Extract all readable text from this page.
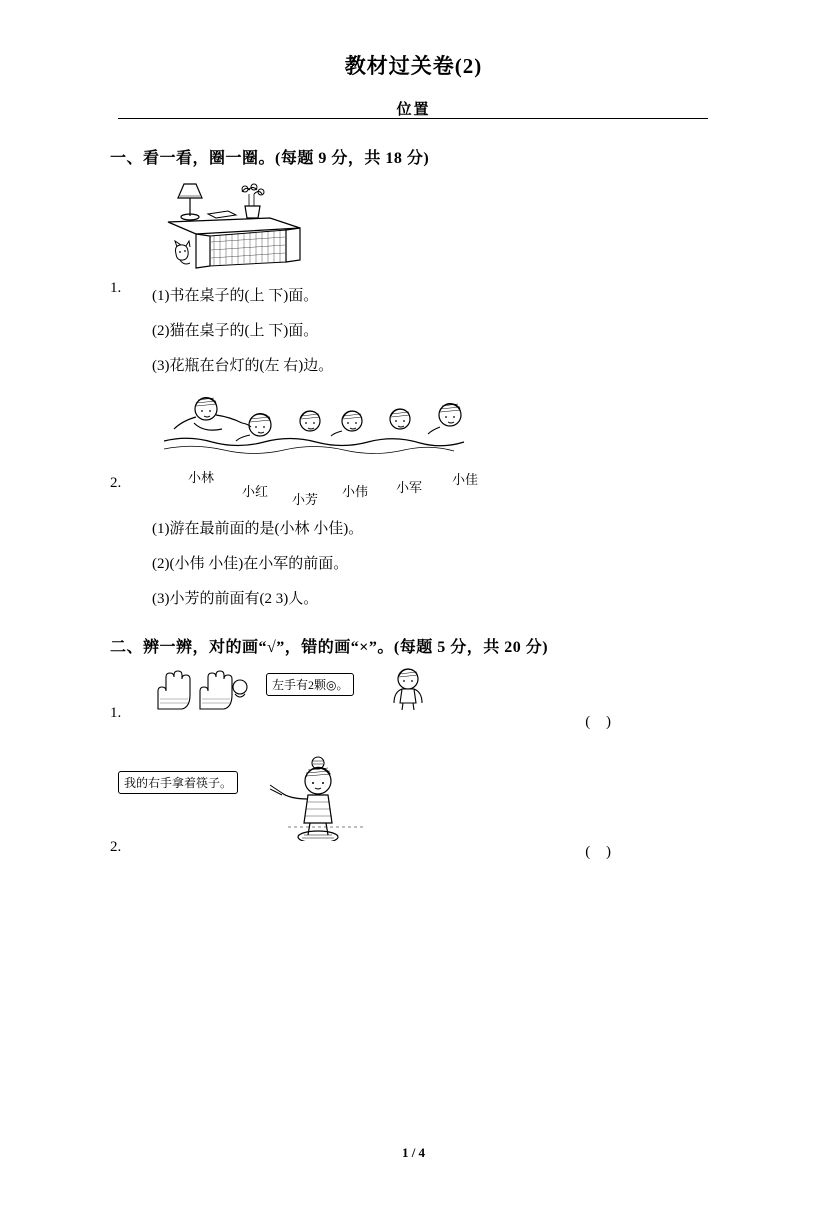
教材过关卷(2)
位置
一、看一看，圈一圈。(每题 9 分，共 18 分)
1. (1)书在桌子的(上 下)面。
(2)猫在桌子的(上 下)面。
(3)花瓶在台灯的(左 右)边。
小林
小红
小芳
小伟 小军
小佳
2.
(1)游在最前面的是(小林 小佳)。
(2)(小伟 小佳)在小军的前面。
(3)小芳的前面有(2 3)人。
二、辨一辨，对的画“√”，错的画“×”。(每题 5 分，共 20 分)
左手有2颗◎。
1.
( )
我的右手拿着筷子。
2.	( )
1 / 4
